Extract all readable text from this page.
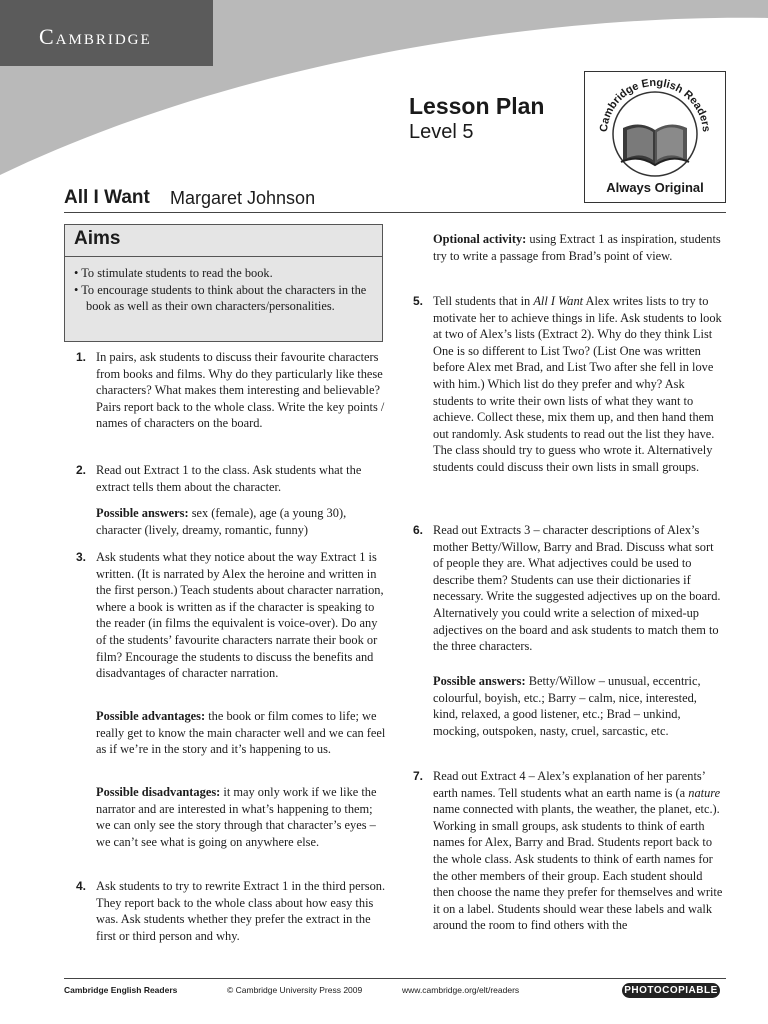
Cambridge
Lesson Plan
Level 5	Cambridge English Readers
Always Original
All I Want Margaret Johnson
Aims
• To stimulate students to read the book.
• To encourage students to think about the characters in the book as well as their own characters/personalities.
1. In pairs, ask students to discuss their favourite characters from books and films. Why do they particularly like these characters? What makes them interesting and believable? Pairs report back to the whole class. Write the key points / names of characters on the board.
2. Read out Extract 1 to the class. Ask students what the extract tells them about the character.
Possible answers: sex (female), age (a young 30), character (lively, dreamy, romantic, funny)
3. Ask students what they notice about the way Extract 1 is written. (It is narrated by Alex the heroine and written in the first person.) Teach students about character narration, where a book is written as if the character is speaking to the reader (in films the equivalent is voice-over). Do any of the students’ favourite characters narrate their book or film? Encourage the students to discuss the benefits and disadvantages of character narration.
Possible advantages: the book or film comes to life; we really get to know the main character well and we can feel as if we’re in the story and it’s happening to us.
Possible disadvantages: it may only work if we like the narrator and are interested in what’s happening to them; we can only see the story through that character’s eyes – we can’t see what is going on anywhere else.
4. Ask students to try to rewrite Extract 1 in the third person. They report back to the whole class about how easy this was. Ask students whether they prefer the extract in the first or third person and why.
Optional activity: using Extract 1 as inspiration, students try to write a passage from Brad’s point of view.
5. Tell students that in All I Want Alex writes lists to try to motivate her to achieve things in life. Ask students to look at two of Alex’s lists (Extract 2). Why do they think List One is so different to List Two? (List One was written before Alex met Brad, and List Two after she fell in love with him.) Which list do they prefer and why? Ask students to write their own lists of what they want to achieve. Collect these, mix them up, and then hand them out randomly. Ask students to read out the list they have. The class should try to guess who wrote it. Alternatively students could discuss their own lists in small groups.
6. Read out Extracts 3 – character descriptions of Alex’s mother Betty/Willow, Barry and Brad. Discuss what sort of people they are. What adjectives could be used to describe them? Students can use their dictionaries if necessary. Write the suggested adjectives up on the board. Alternatively you could write a selection of mixed-up adjectives on the board and ask students to match them to the three characters.
Possible answers: Betty/Willow – unusual, eccentric, colourful, boyish, etc.; Barry – calm, nice, interested, kind, relaxed, a good listener, etc.; Brad – unkind, mocking, outspoken, nasty, cruel, sarcastic, etc.
7. Read out Extract 4 – Alex’s explanation of her parents’ earth names. Tell students what an earth name is (a nature name connected with plants, the weather, the planet, etc.). Working in small groups, ask students to think of earth names for Alex, Barry and Brad. Students report back to the whole class. Ask students to think of earth names for the other members of their group. Each student should then choose the name they prefer for themselves and write it on a label. Students should wear these labels and walk around the room to find others with the
Cambridge English Readers	© Cambridge University Press 2009	www.cambridge.org/elt/readers	PHOTOCOPIABLE
